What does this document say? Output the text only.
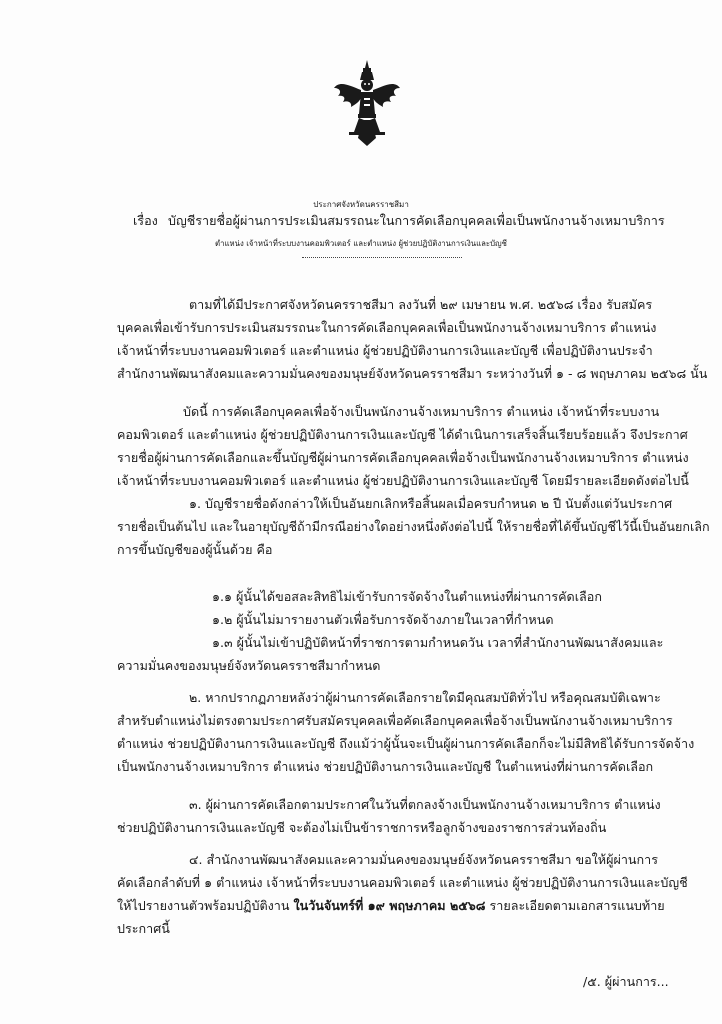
ประกาศจังหวัดนครราชสีมา
เรื่อง บัญชีรายชื่อผู้ผ่านการประเมินสมรรถนะในการคัดเลือกบุคคลเพื่อเป็นพนักงานจ้างเหมาบริการ
ตำแหน่ง เจ้าหน้าที่ระบบงานคอมพิวเตอร์ และตำแหน่ง ผู้ช่วยปฏิบัติงานการเงินและบัญชี
ตามที่ได้มีประกาศจังหวัดนครราชสีมา ลงวันที่ ๒๙ เมษายน พ.ศ. ๒๕๖๘ เรื่อง รับสมัคร
บุคคลเพื่อเข้ารับการประเมินสมรรถนะในการคัดเลือกบุคคลเพื่อเป็นพนักงานจ้างเหมาบริการ ตำแหน่ง
เจ้าหน้าที่ระบบงานคอมพิวเตอร์ และตำแหน่ง ผู้ช่วยปฏิบัติงานการเงินและบัญชี เพื่อปฏิบัติงานประจำ
สำนักงานพัฒนาสังคมและความมั่นคงของมนุษย์จังหวัดนครราชสีมา ระหว่างวันที่ ๑ - ๘ พฤษภาคม ๒๕๖๘ นั้น
บัดนี้ การคัดเลือกบุคคลเพื่อจ้างเป็นพนักงานจ้างเหมาบริการ ตำแหน่ง เจ้าหน้าที่ระบบงาน
คอมพิวเตอร์ และตำแหน่ง ผู้ช่วยปฏิบัติงานการเงินและบัญชี ได้ดำเนินการเสร็จสิ้นเรียบร้อยแล้ว จึงประกาศ
รายชื่อผู้ผ่านการคัดเลือกและขึ้นบัญชีผู้ผ่านการคัดเลือกบุคคลเพื่อจ้างเป็นพนักงานจ้างเหมาบริการ ตำแหน่ง
เจ้าหน้าที่ระบบงานคอมพิวเตอร์ และตำแหน่ง ผู้ช่วยปฏิบัติงานการเงินและบัญชี โดยมีรายละเอียดดังต่อไปนี้
๑. บัญชีรายชื่อดังกล่าวให้เป็นอันยกเลิกหรือสิ้นผลเมื่อครบกำหนด ๒ ปี นับตั้งแต่วันประกาศ
รายชื่อเป็นต้นไป และในอายุบัญชีถ้ามีกรณีอย่างใดอย่างหนึ่งดังต่อไปนี้ ให้รายชื่อที่ได้ขึ้นบัญชีไว้นี้เป็นอันยกเลิก
การขึ้นบัญชีของผู้นั้นด้วย คือ
๑.๑ ผู้นั้นได้ขอสละสิทธิไม่เข้ารับการจัดจ้างในตำแหน่งที่ผ่านการคัดเลือก
๑.๒ ผู้นั้นไม่มารายงานตัวเพื่อรับการจัดจ้างภายในเวลาที่กำหนด
๑.๓ ผู้นั้นไม่เข้าปฏิบัติหน้าที่ราชการตามกำหนดวัน เวลาที่สำนักงานพัฒนาสังคมและ
ความมั่นคงของมนุษย์จังหวัดนครราชสีมากำหนด
๒. หากปรากฏภายหลังว่าผู้ผ่านการคัดเลือกรายใดมีคุณสมบัติทั่วไป หรือคุณสมบัติเฉพาะ
สำหรับตำแหน่งไม่ตรงตามประกาศรับสมัครบุคคลเพื่อคัดเลือกบุคคลเพื่อจ้างเป็นพนักงานจ้างเหมาบริการ
ตำแหน่ง ช่วยปฏิบัติงานการเงินและบัญชี ถึงแม้ว่าผู้นั้นจะเป็นผู้ผ่านการคัดเลือกก็จะไม่มีสิทธิได้รับการจัดจ้าง
เป็นพนักงานจ้างเหมาบริการ ตำแหน่ง ช่วยปฏิบัติงานการเงินและบัญชี ในตำแหน่งที่ผ่านการคัดเลือก
๓. ผู้ผ่านการคัดเลือกตามประกาศในวันที่ตกลงจ้างเป็นพนักงานจ้างเหมาบริการ ตำแหน่ง
ช่วยปฏิบัติงานการเงินและบัญชี จะต้องไม่เป็นข้าราชการหรือลูกจ้างของราชการส่วนท้องถิ่น
๔. สำนักงานพัฒนาสังคมและความมั่นคงของมนุษย์จังหวัดนครราชสีมา ขอให้ผู้ผ่านการ
คัดเลือกลำดับที่ ๑ ตำแหน่ง เจ้าหน้าที่ระบบงานคอมพิวเตอร์ และตำแหน่ง ผู้ช่วยปฏิบัติงานการเงินและบัญชี
ให้ไปรายงานตัวพร้อมปฏิบัติงาน ในวันจันทร์ที่ ๑๙ พฤษภาคม ๒๕๖๘ รายละเอียดตามเอกสารแนบท้าย
ประกาศนี้
/๕. ผู้ผ่านการ...
